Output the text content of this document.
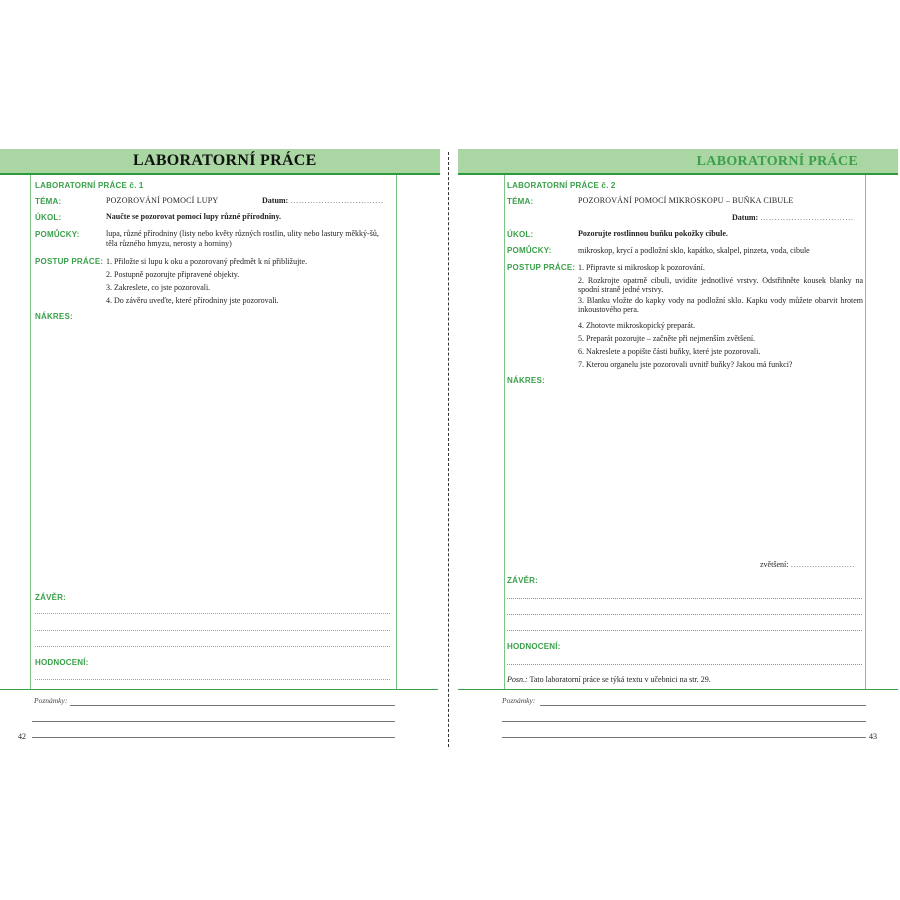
LABORATORNÍ PRÁCE
LABORATORNÍ PRÁCE č. 1
TÉMA:	POZOROVÁNÍ POMOCÍ LUPY	Datum: ……………………………
ÚKOL:	Naučte se pozorovat pomocí lupy různé přírodniny.
POMŮCKY:	lupa, různé přírodniny (listy nebo květy různých rostlin, ulity nebo lastury měkký-šů, těla různého hmyzu, nerosty a horniny)
POSTUP PRÁCE: 1. Přiložte si lupu k oku a pozorovaný předmět k ní přibližujte.
2. Postupně pozorujte připravené objekty.
3. Zakreslete, co jste pozorovali.
4. Do závěru uveďte, které přírodniny jste pozorovali.
NÁKRES:
ZÁVĚR:
HODNOCENÍ:
Poznámky:
42
LABORATORNÍ PRÁCE
LABORATORNÍ PRÁCE č. 2
TÉMA:	POZOROVÁNÍ POMOCÍ MIKROSKOPU – BUŇKA CIBULE
Datum: ……………………………
ÚKOL:	Pozorujte rostlinnou buňku pokožky cibule.
POMŮCKY:	mikroskop, krycí a podložní sklo, kapátko, skalpel, pinzeta, voda, cibule
POSTUP PRÁCE: 1. Připravte si mikroskop k pozorování.
2. Rozkrojte opatrně cibuli, uvidíte jednotlivé vrstvy. Odstřihněte kousek blanky na spodní straně jedné vrstvy.
3. Blanku vložte do kapky vody na podložní sklo. Kapku vody můžete obarvit hrotem inkoustového pera.
4. Zhotovte mikroskopický preparát.
5. Preparát pozorujte – začněte při nejmenším zvětšení.
6. Nakreslete a popište části buňky, které jste pozorovali.
7. Kterou organelu jste pozorovali uvnitř buňky? Jakou má funkci?
NÁKRES:
zvětšení: ……………………
ZÁVĚR:
HODNOCENÍ:
Posn.: Tato laboratorní práce se týká textu v učebnici na str. 29.
Poznámky:
43
